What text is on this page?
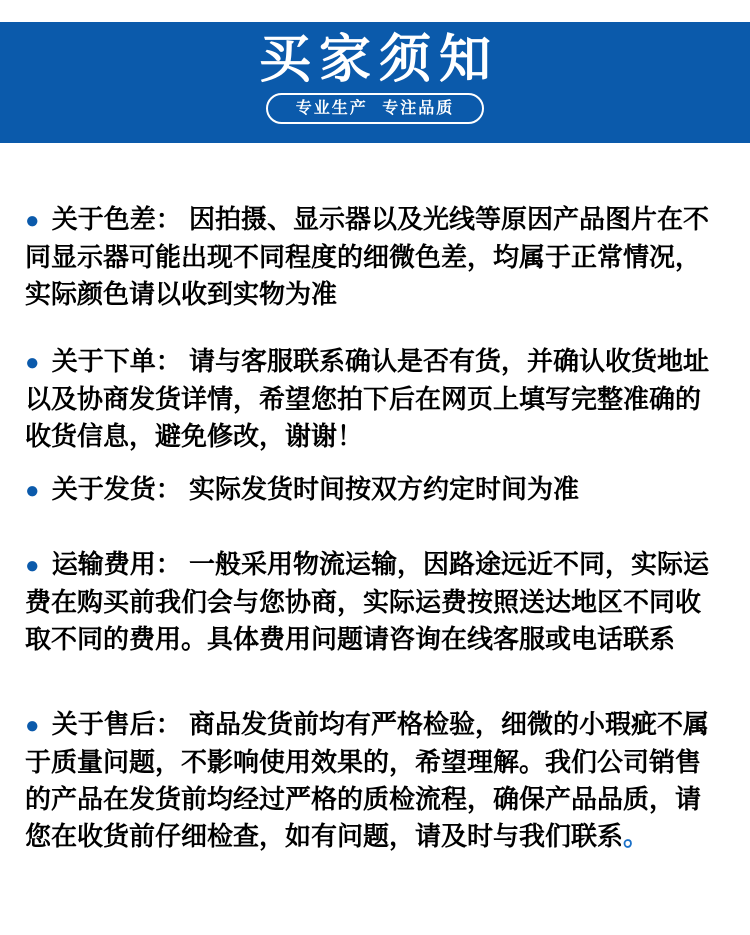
买家须知
专业生产 专注品质

● 关于色差： 因拍摄、显示器以及光线等原因产品图片在不同显示器可能出现不同程度的细微色差，均属于正常情况，实际颜色请以收到实物为准

● 关于下单： 请与客服联系确认是否有货，并确认收货地址以及协商发货详情，希望您拍下后在网页上填写完整准确的收货信息，避免修改，谢谢！

● 关于发货： 实际发货时间按双方约定时间为准

● 运输费用： 一般采用物流运输，因路途远近不同，实际运费在购买前我们会与您协商，实际运费按照送达地区不同收取不同的费用。具体费用问题请咨询在线客服或电话联系

● 关于售后： 商品发货前均有严格检验，细微的小瑕疵不属于质量问题，不影响使用效果的，希望理解。我们公司销售的产品在发货前均经过严格的质检流程，确保产品品质，请您在收货前仔细检查，如有问题，请及时与我们联系。
